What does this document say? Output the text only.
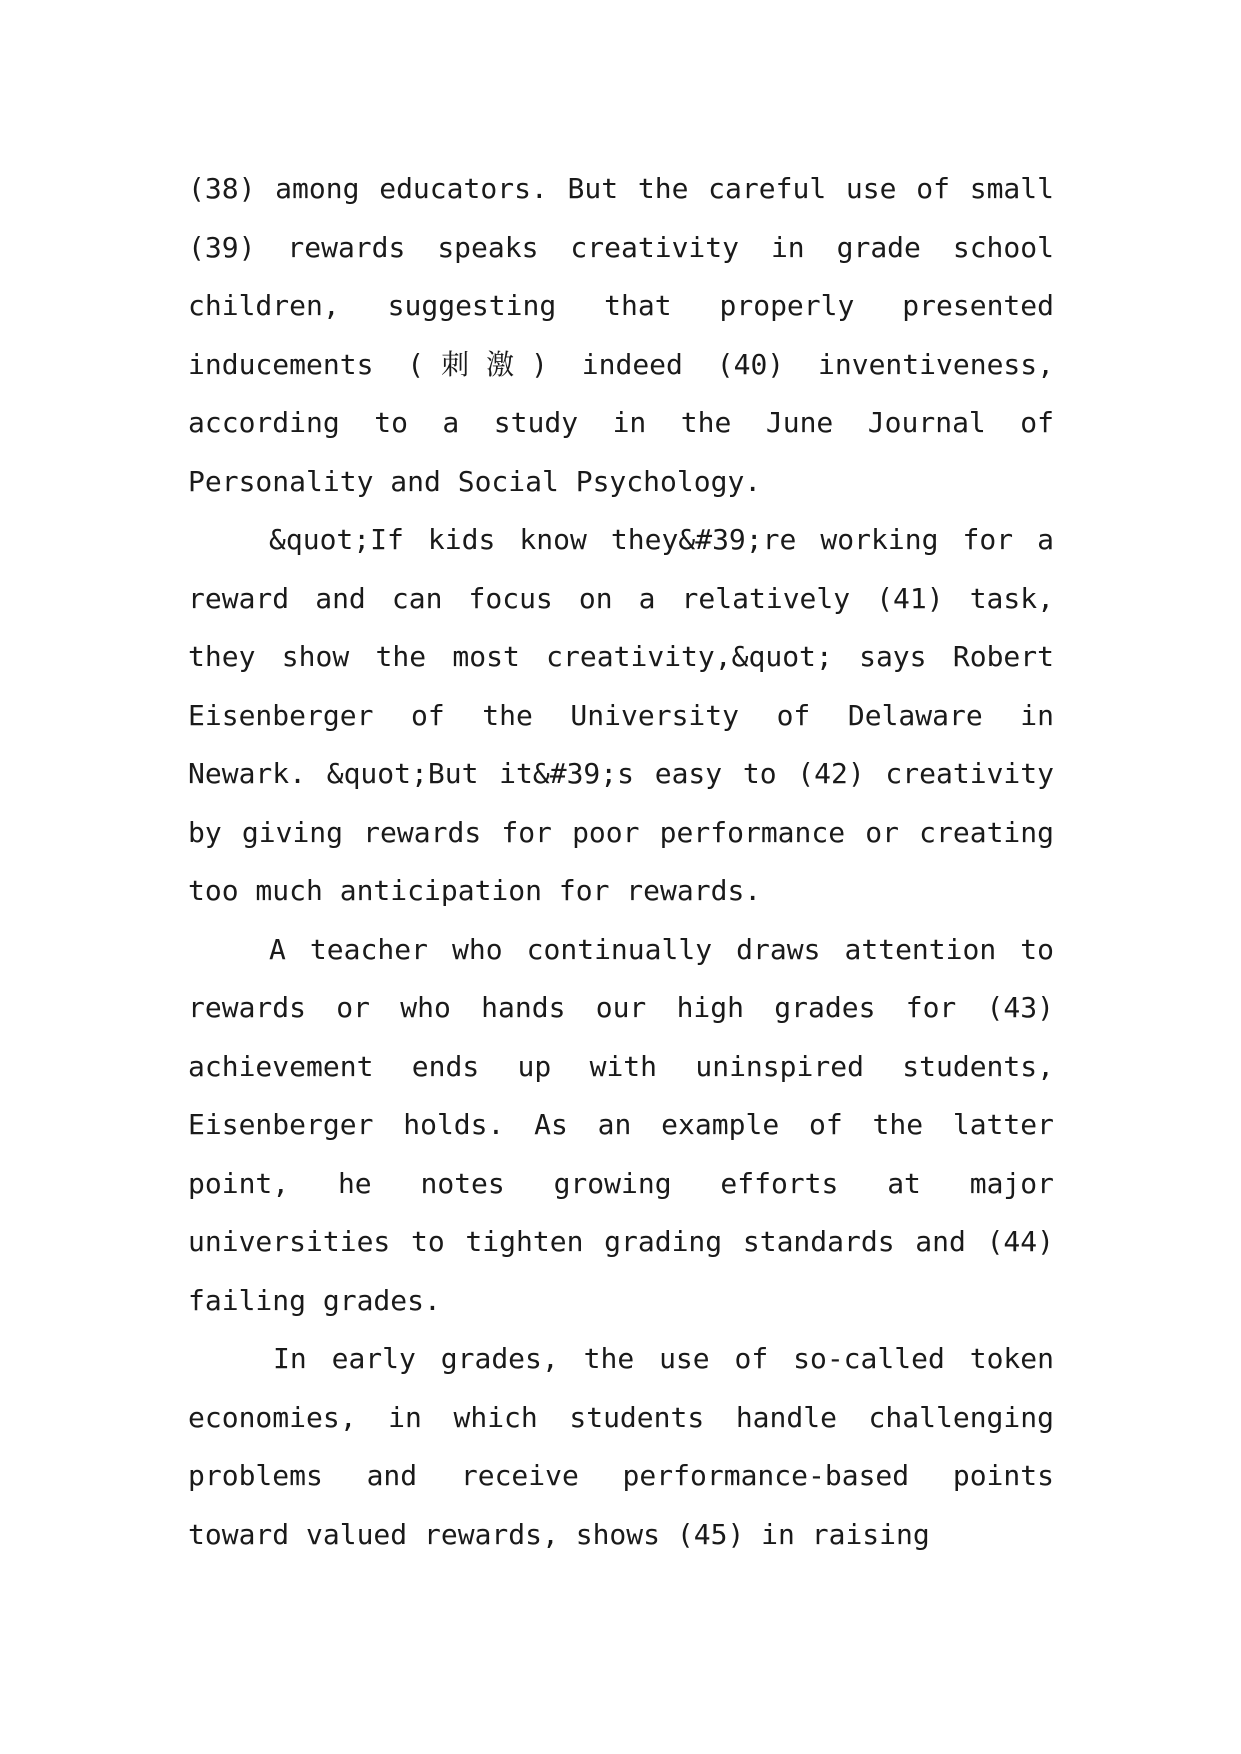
(38) among educators. But the careful use of small (39) rewards speaks creativity in grade school children, suggesting that properly presented inducements (刺激) indeed (40) inventiveness, according to a study in the June Journal of Personality and Social Psychology.

&quot;If kids know they&#39;re working for a reward and can focus on a relatively (41) task, they show the most creativity,&quot; says Robert Eisenberger of the University of Delaware in Newark. &quot;But it&#39;s easy to (42) creativity by giving rewards for poor performance or creating too much anticipation for rewards.

A teacher who continually draws attention to rewards or who hands our high grades for (43) achievement ends up with uninspired students, Eisenberger holds. As an example of the latter point, he notes growing efforts at major universities to tighten grading standards and (44) failing grades.

In early grades, the use of so-called token economies, in which students handle challenging problems and receive performance-based points toward valued rewards, shows (45) in raising
